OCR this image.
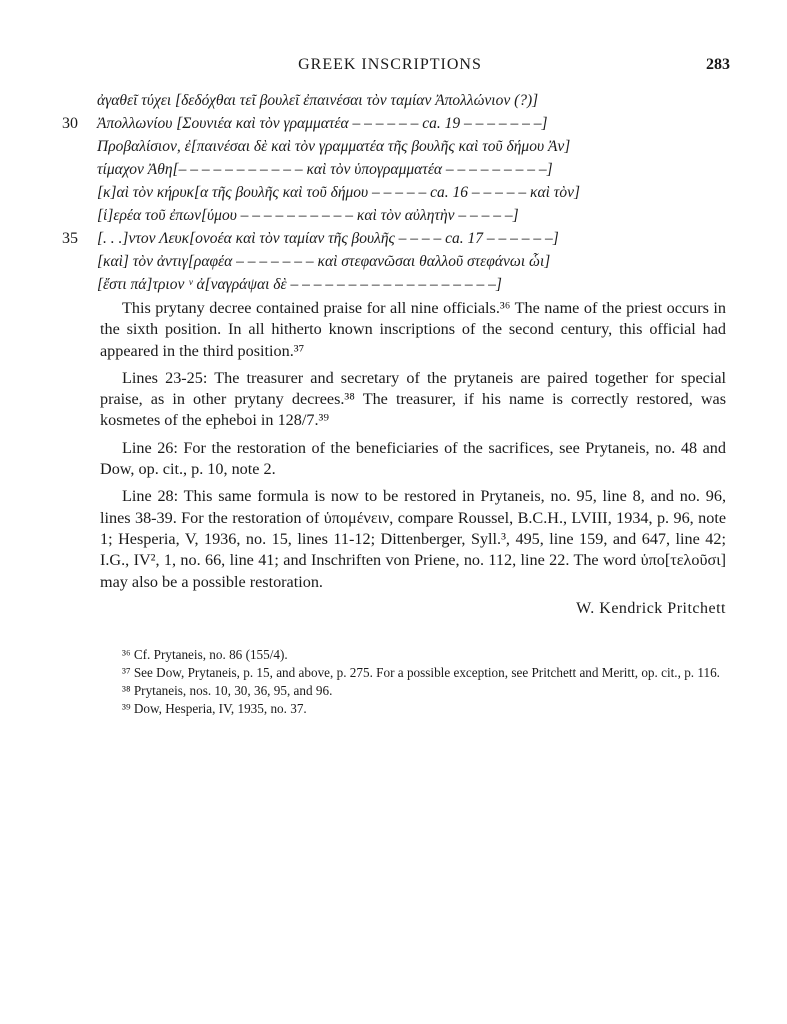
GREEK INSCRIPTIONS	283
ἀγαθεῖ τύχει [δεδόχθαι τεῖ βουλεῖ ἐπαινέσαι τὸν ταμίαν Ἀπολλώνιον (?)]
30 Ἀπολλωνίου [Σουνιέα καὶ τὸν γραμματέα – – – – – – ca. 19 – – – – – – –]
Προβαλίσιον, ἐ[παινέσαι δὲ καὶ τὸν γραμματέα τῆς βουλῆς καὶ τοῦ δήμου Ἀν]
τίμαχον Ἀθη[– – – – – – – – – – – καὶ τὸν ὑπογραμματέα – – – – – – – – –]
[κ]αὶ τὸν κήρυκ[α τῆς βουλῆς καὶ τοῦ δήμου – – – – – ca. 16 – – – – – καὶ τὸν]
[ἱ]ερέα τοῦ ἐπων[ύμου – – – – – – – – – – καὶ τὸν αὐλητὴν – – – – –]
35 [. . .]ντον Λευκ[ονοέα καὶ τὸν ταμίαν τῆς βουλῆς – – – – ca. 17 – – – – – –]
[καὶ] τὸν ἀντιγ[ραφέα – – – – – – – καὶ στεφανῶσαι θαλλοῦ στεφάνωι ὧι]
[ἔστι πά]τριον ᵛ ἀ[ναγράψαι δὲ – – – – – – – – – – – – – – – – – –]

This prytany decree contained praise for all nine officials.³⁶ The name of the priest occurs in the sixth position. In all hitherto known inscriptions of the second century, this official had appeared in the third position.³⁷

Lines 23-25: The treasurer and secretary of the prytaneis are paired together for special praise, as in other prytany decrees.³⁸ The treasurer, if his name is correctly restored, was kosmetes of the epheboi in 128/7.³⁹

Line 26: For the restoration of the beneficiaries of the sacrifices, see Prytaneis, no. 48 and Dow, op. cit., p. 10, note 2.

Line 28: This same formula is now to be restored in Prytaneis, no. 95, line 8, and no. 96, lines 38-39. For the restoration of ὑπομένειν, compare Roussel, B.C.H., LVIII, 1934, p. 96, note 1; Hesperia, V, 1936, no. 15, lines 11-12; Dittenberger, Syll.³, 495, line 159, and 647, line 42; I.G., IV², 1, no. 66, line 41; and Inschriften von Priene, no. 112, line 22. The word ὑπο[τελοῦσι] may also be a possible restoration.

W. Kendrick Pritchett
³⁶ Cf. Prytaneis, no. 86 (155/4).
³⁷ See Dow, Prytaneis, p. 15, and above, p. 275. For a possible exception, see Pritchett and Meritt, op. cit., p. 116.
³⁸ Prytaneis, nos. 10, 30, 36, 95, and 96.
³⁹ Dow, Hesperia, IV, 1935, no. 37.
